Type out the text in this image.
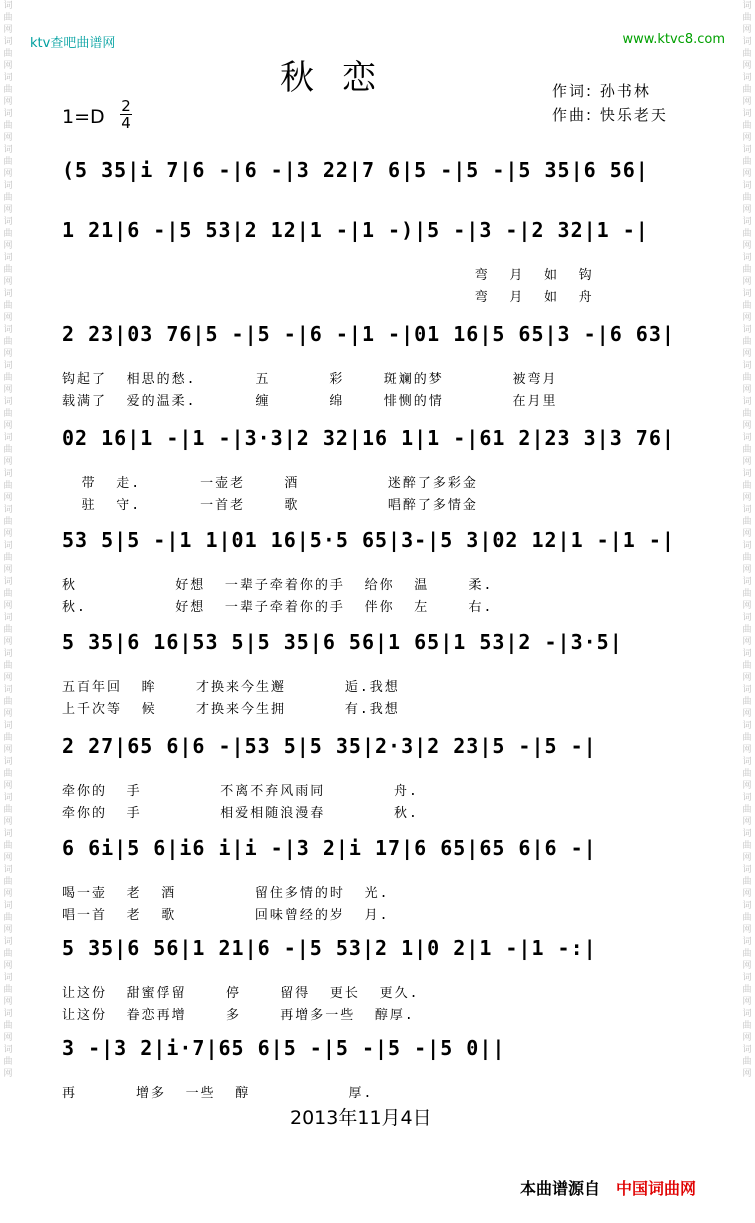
词曲网词曲网词曲网词曲网词曲网词曲网词曲网词曲网词曲网词曲网词曲网词曲网词曲网词曲网词曲网词曲网词曲网词曲网词曲网词曲网词曲网词曲网词曲网词曲网词曲网词曲网词曲网词曲网词曲网词曲网
词曲网词曲网词曲网词曲网词曲网词曲网词曲网词曲网词曲网词曲网词曲网词曲网词曲网词曲网词曲网词曲网词曲网词曲网词曲网词曲网词曲网词曲网词曲网词曲网词曲网词曲网词曲网词曲网词曲网词曲网
ktv查吧曲谱网	www.ktvc8.com
秋恋
$1=D \frac{2}{4}$
作词: 孙书林
作曲: 快乐老天
(5 35|i 7|6 -|6 -|3 22|7 6|5 -|5 -|5 35|6 56|
1 21|6 -|5 53|2 12|1 -|1 -)|5 -|3 -|2 32|1 -|
弯  月  如  钩
弯  月  如  舟
2 23|03 76|5 -|5 -|6 -|1 -|01 16|5 65|3 -|6 63|
钩起了  相思的愁.      五      彩    斑斓的梦       被弯月
载满了  爱的温柔.      缠      绵    悱恻的情       在月里
02 16|1 -|1 -|3·3|2 32|16 1|1 -|61 2|23 3|3 76|
带  走.      一壶老    酒         迷醉了多彩金
驻  守.      一首老    歌         唱醉了多情金
53 5|5 -|1 1|01 16|5·5 65|3-|5 3|02 12|1 -|1 -|
秋          好想  一辈子牵着你的手  给你  温    柔.
秋.         好想  一辈子牵着你的手  伴你  左    右.
5 35|6 16|53 5|5 35|6 56|1 65|1 53|2 -|3·5|
五百年回  眸    才换来今生邂      逅.我想
上千次等  候    才换来今生拥      有.我想
2 27|65 6|6 -|53 5|5 35|2·3|2 23|5 -|5 -|
牵你的  手        不离不弃风雨同       舟.
牵你的  手        相爱相随浪漫春       秋.
6 6i|5 6|i6 i|i -|3 2|i 17|6 65|65 6|6 -|
喝一壶  老  酒        留住多情的时  光.
唱一首  老  歌        回味曾经的岁  月.
5 35|6 56|1 21|6 -|5 53|2 1|0 2|1 -|1 -:|
让这份  甜蜜俘留    停    留得  更长  更久.
让这份  眷恋再增    多    再增多一些  醇厚.
3 -|3 2|i·7|65 6|5 -|5 -|5 -|5 0||
再      增多  一些  醇          厚.
2013年11月4日
本曲谱源自 中国词曲网
